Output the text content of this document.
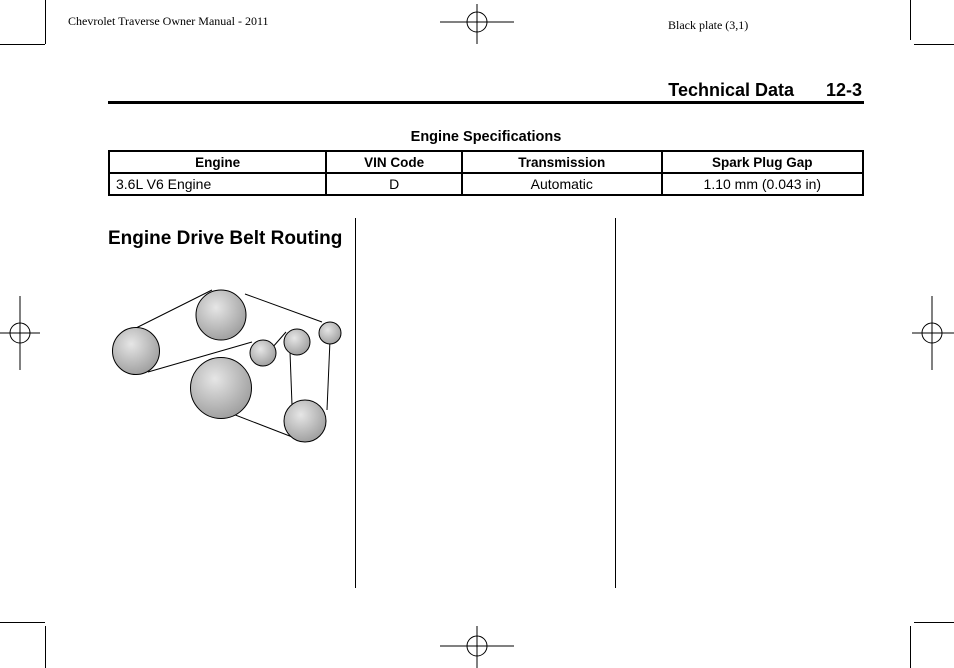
Chevrolet Traverse Owner Manual - 2011	Black plate (3,1)
Technical Data 12-3
Engine Specifications
Engine	VIN Code	Transmission	Spark Plug Gap
3.6L V6 Engine	D	Automatic	1.10 mm (0.043 in)
Engine Drive Belt Routing
